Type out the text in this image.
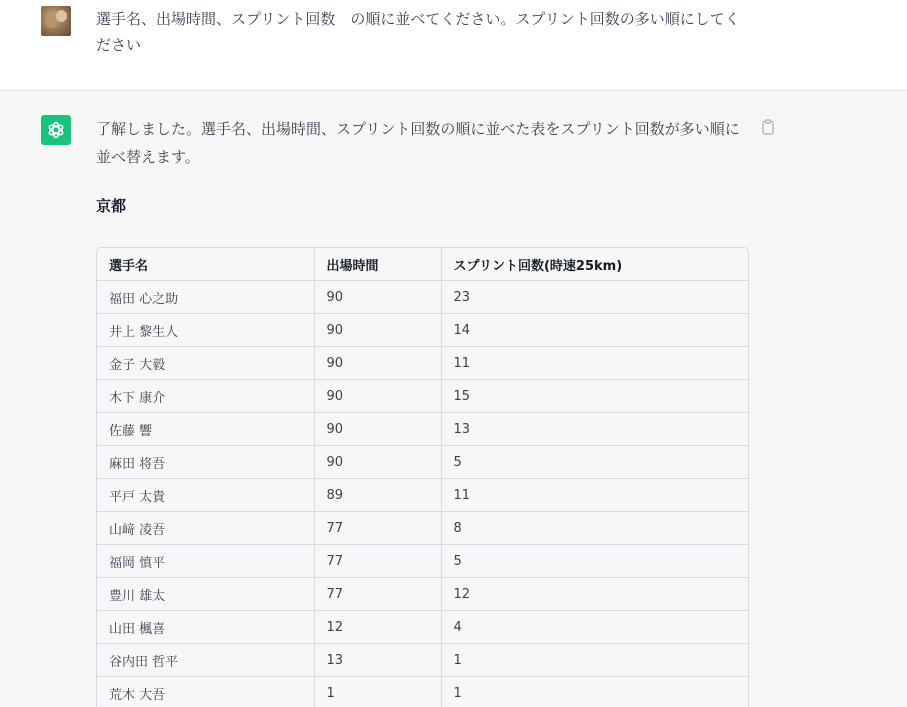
選手名、出場時間、スプリント回数　の順に並べてください。スプリント回数の多い順にしてください
了解しました。選手名、出場時間、スプリント回数の順に並べた表をスプリント回数が多い順に並べ替えます。
京都
選手名	出場時間	スプリント回数(時速25km)
福田 心之助	90	23
井上 黎生人	90	14
金子 大毅	90	11
木下 康介	90	15
佐藤 響	90	13
麻田 将吾	90	5
平戸 太貴	89	11
山﨑 凌吾	77	8
福岡 慎平	77	5
豊川 雄太	77	12
山田 楓喜	12	4
谷内田 哲平	13	1
荒木 大吾	1	1
